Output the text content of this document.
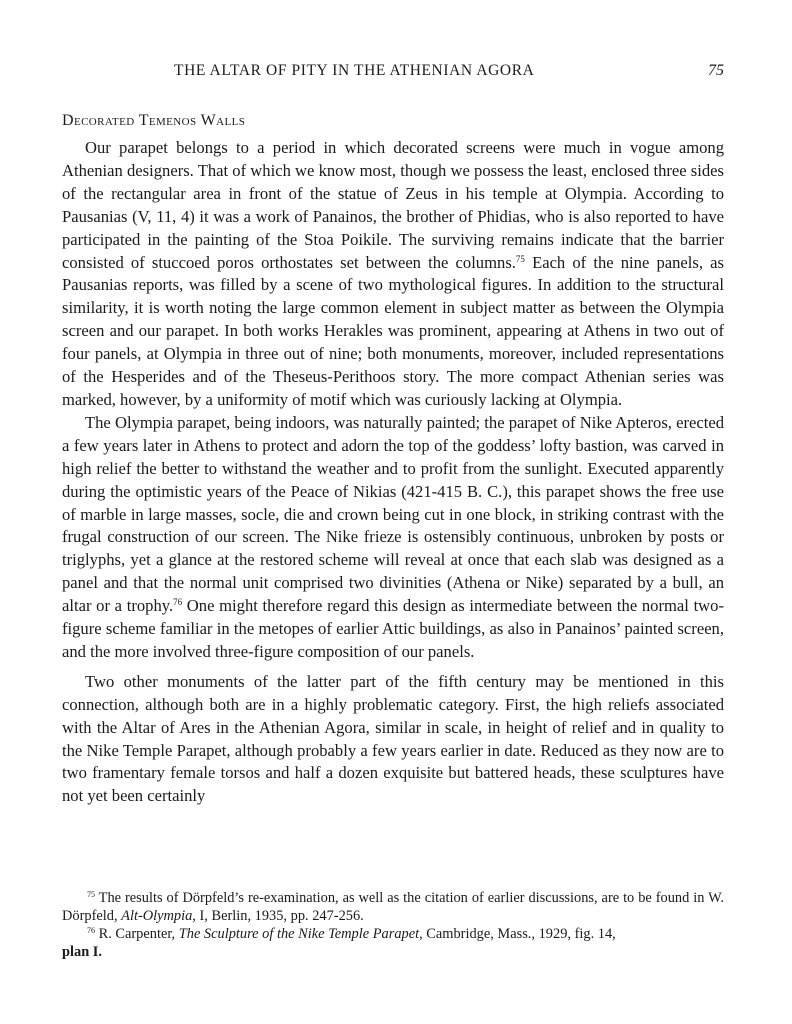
THE ALTAR OF PITY IN THE ATHENIAN AGORA	75
Decorated Temenos Walls

Our parapet belongs to a period in which decorated screens were much in vogue among Athenian designers. That of which we know most, though we possess the least, enclosed three sides of the rectangular area in front of the statue of Zeus in his temple at Olympia. According to Pausanias (V, 11, 4) it was a work of Panainos, the brother of Phidias, who is also reported to have participated in the painting of the Stoa Poikile. The surviving remains indicate that the barrier consisted of stuccoed poros orthostates set between the columns.$^{75}$ Each of the nine panels, as Pausanias reports, was filled by a scene of two mythological figures. In addition to the structural similarity, it is worth noting the large common element in subject matter as between the Olympia screen and our parapet. In both works Herakles was prominent, appearing at Athens in two out of four panels, at Olympia in three out of nine; both monuments, moreover, included representations of the Hesperides and of the Theseus-Perithoos story. The more compact Athenian series was marked, however, by a uniformity of motif which was curiously lacking at Olympia.

The Olympia parapet, being indoors, was naturally painted; the parapet of Nike Apteros, erected a few years later in Athens to protect and adorn the top of the goddess’ lofty bastion, was carved in high relief the better to withstand the weather and to profit from the sunlight. Executed apparently during the optimistic years of the Peace of Nikias (421-415 B. C.), this parapet shows the free use of marble in large masses, socle, die and crown being cut in one block, in striking contrast with the frugal construction of our screen. The Nike frieze is ostensibly continuous, unbroken by posts or triglyphs, yet a glance at the restored scheme will reveal at once that each slab was designed as a panel and that the normal unit comprised two divinities (Athena or Nike) separated by a bull, an altar or a trophy.$^{76}$ One might therefore regard this design as intermediate between the normal two-figure scheme familiar in the metopes of earlier Attic buildings, as also in Panainos’ painted screen, and the more involved three-figure composition of our panels.

Two other monuments of the latter part of the fifth century may be mentioned in this connection, although both are in a highly problematic category. First, the high reliefs associated with the Altar of Ares in the Athenian Agora, similar in scale, in height of relief and in quality to the Nike Temple Parapet, although probably a few years earlier in date. Reduced as they now are to two framentary female torsos and half a dozen exquisite but battered heads, these sculptures have not yet been certainly

$^{75}$ The results of Dörpfeld’s re-examination, as well as the citation of earlier discussions, are to be found in W. Dörpfeld, Alt-Olympia, I, Berlin, 1935, pp. 247-256.

$^{76}$ R. Carpenter, The Sculpture of the Nike Temple Parapet, Cambridge, Mass., 1929, fig. 14,
plan I.
